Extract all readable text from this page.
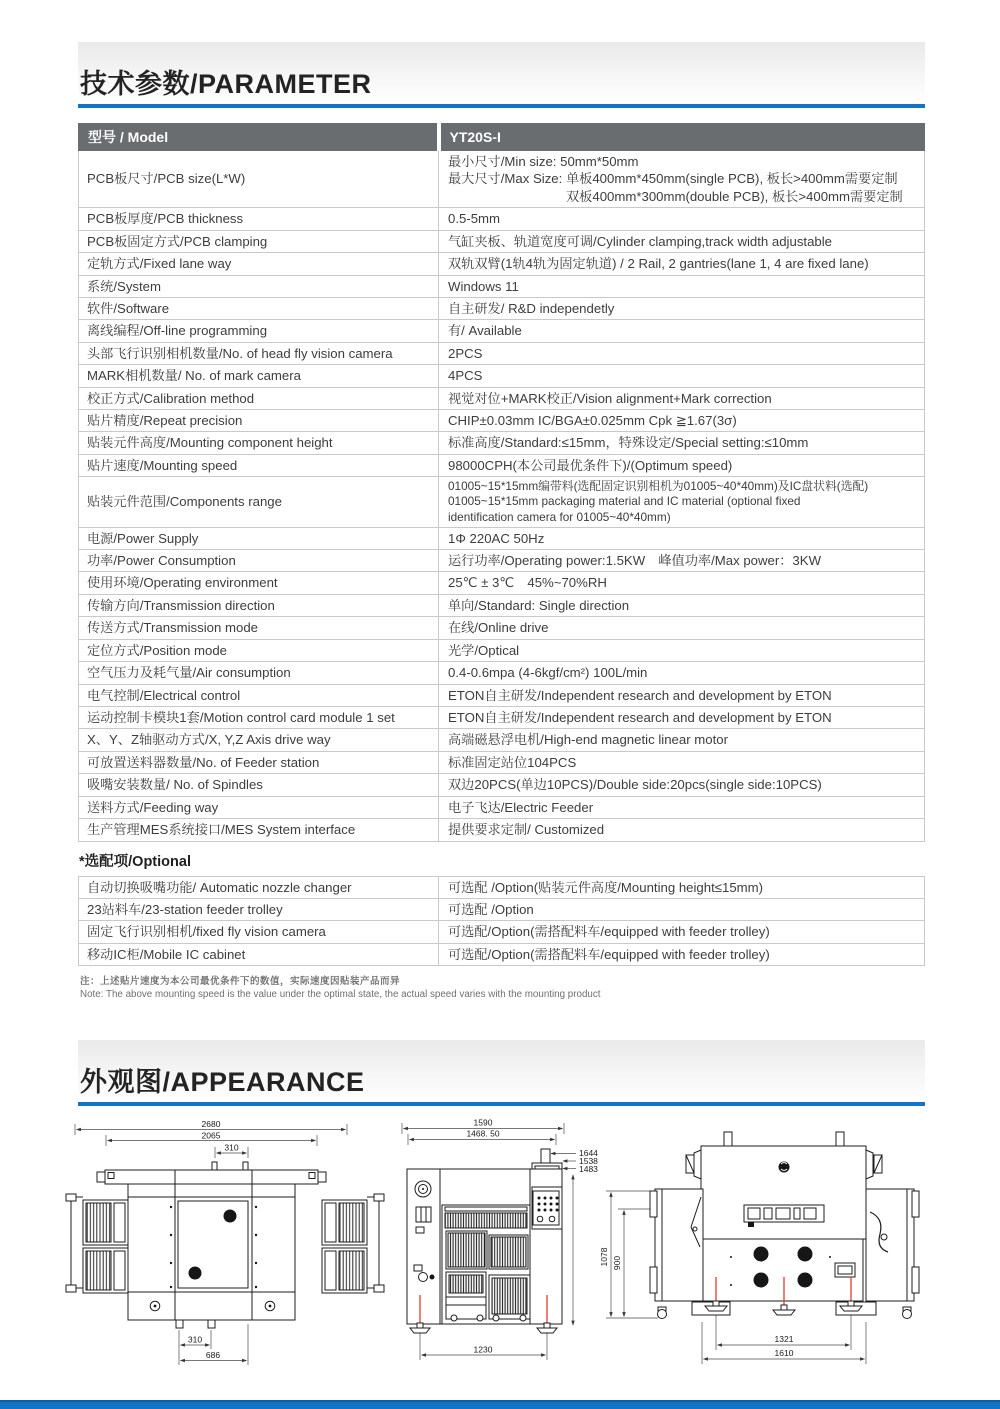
技术参数/PARAMETER
型号 / Model	YT20S-I
PCB板尺寸/PCB size(L*W)	最小尺寸/Min size: 50mm*50mm
最大尺寸/Max Size: 单板400mm*450mm(single PCB), 板长>400mm需要定制
双板400mm*300mm(double PCB), 板长>400mm需要定制

PCB板厚度/PCB thickness	0.5-5mm
PCB板固定方式/PCB clamping	气缸夹板、轨道宽度可调/Cylinder clamping,track width adjustable
定轨方式/Fixed lane way	双轨双臂(1轨4轨为固定轨道) / 2 Rail, 2 gantries(lane 1, 4 are fixed lane)
系统/System	Windows 11
软件/Software	自主研发/ R&D independetly
离线编程/Off-line programming	有/ Available
头部飞行识别相机数量/No. of head fly vision camera	2PCS
MARK相机数量/ No. of mark camera	4PCS
校正方式/Calibration method	视觉对位+MARK校正/Vision alignment+Mark correction
贴片精度/Repeat precision	CHIP±0.03mm IC/BGA±0.025mm Cpk ≧1.67(3σ)
贴装元件高度/Mounting component height	标准高度/Standard:≤15mm，特殊设定/Special setting:≤10mm
贴片速度/Mounting speed	98000CPH(本公司最优条件下)/(Optimum speed)
贴装元件范围/Components range	01005~15*15mm编带料(选配固定识别相机为01005~40*40mm)及IC盘状料(选配)
01005~15*15mm packaging material and IC material (optional fixed
identification camera for 01005~40*40mm)

电源/Power Supply	1Φ 220AC 50Hz
功率/Power Consumption	运行功率/Operating power:1.5KW　峰值功率/Max power：3KW
使用环境/Operating environment	25℃ ± 3℃　45%~70%RH
传输方向/Transmission direction	单向/Standard: Single direction
传送方式/Transmission mode	在线/Online drive
定位方式/Position mode	光学/Optical
空气压力及耗气量/Air consumption	0.4-0.6mpa (4-6kgf/cm²) 100L/min
电气控制/Electrical control	ETON自主研发/Independent research and development by ETON
运动控制卡模块1套/Motion control card module 1 set	ETON自主研发/Independent research and development by ETON
X、Y、Z轴驱动方式/X, Y,Z Axis drive way	高端磁悬浮电机/High-end magnetic linear motor
可放置送料器数量/No. of Feeder station	标准固定站位104PCS
吸嘴安装数量/ No. of Spindles	双边20PCS(单边10PCS)/Double side:20pcs(single side:10PCS)
送料方式/Feeding way	电子飞达/Electric Feeder
生产管理MES系统接口/MES System interface	提供要求定制/ Customized
*选配项/Optional
自动切换吸嘴功能/ Automatic nozzle changer	可选配 /Option(贴装元件高度/Mounting height≤15mm)
23站料车/23-station feeder trolley	可选配 /Option
固定飞行识别相机/fixed fly vision camera	可选配/Option(需搭配料车/equipped with feeder trolley)
移动IC柜/Mobile IC cabinet	可选配/Option(需搭配料车/equipped with feeder trolley)
注：上述贴片速度为本公司最优条件下的数值，实际速度因贴装产品而异
Note: The above mounting speed is the value under the optimal state, the actual speed varies with the mounting product
外观图/APPEARANCE
2680
2065
310
310
686
1590
1468. 50
1644
1538
1483
1230
1078 900
1321
1610
